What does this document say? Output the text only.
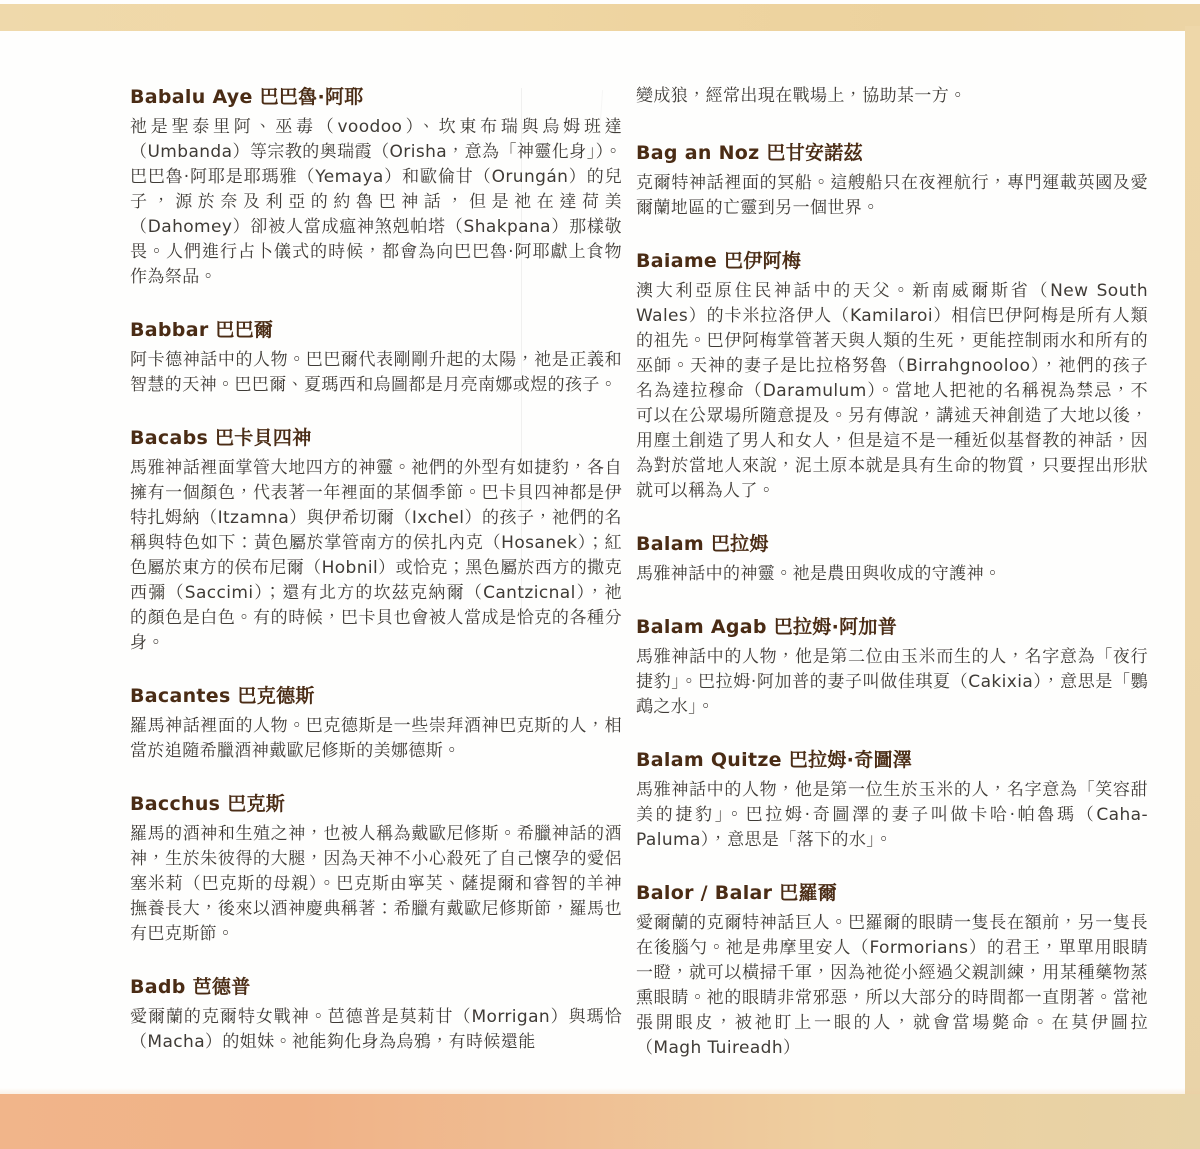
Babalu Aye 巴巴魯·阿耶

祂是聖泰里阿、巫毒（voodoo）、坎東布瑞與烏姆班達（Umbanda）等宗教的奧瑞霞（Orisha，意為「神靈化身」）。巴巴魯·阿耶是耶瑪雅（Yemaya）和歐倫甘（Orungán）的兒子，源於奈及利亞的約魯巴神話，但是祂在達荷美（Dahomey）卻被人當成瘟神煞剋帕塔（Shakpana）那樣敬畏。人們進行占卜儀式的時候，都會為向巴巴魯·阿耶獻上食物作為祭品。

Babbar 巴巴爾

阿卡德神話中的人物。巴巴爾代表剛剛升起的太陽，祂是正義和智慧的天神。巴巴爾、夏瑪西和烏圖都是月亮南娜或煜的孩子。

Bacabs 巴卡貝四神

馬雅神話裡面掌管大地四方的神靈。祂們的外型有如捷豹，各自擁有一個顏色，代表著一年裡面的某個季節。巴卡貝四神都是伊特扎姆納（Itzamna）與伊希切爾（Ixchel）的孩子，祂們的名稱與特色如下：黃色屬於掌管南方的侯扎內克（Hosanek）；紅色屬於東方的侯布尼爾（Hobnil）或恰克；黑色屬於西方的撒克西彌（Saccimi）；還有北方的坎茲克納爾（Cantzicnal），祂的顏色是白色。有的時候，巴卡貝也會被人當成是恰克的各種分身。

Bacantes 巴克德斯

羅馬神話裡面的人物。巴克德斯是一些崇拜酒神巴克斯的人，相當於追隨希臘酒神戴歐尼修斯的美娜德斯。

Bacchus 巴克斯

羅馬的酒神和生殖之神，也被人稱為戴歐尼修斯。希臘神話的酒神，生於朱彼得的大腿，因為天神不小心殺死了自己懷孕的愛侶塞米莉（巴克斯的母親）。巴克斯由寧芙、薩提爾和睿智的羊神撫養長大，後來以酒神慶典稱著：希臘有戴歐尼修斯節，羅馬也有巴克斯節。

Badb 芭德普

愛爾蘭的克爾特女戰神。芭德普是莫莉甘（Morrigan）與瑪恰（Macha）的姐妹。祂能夠化身為烏鴉，有時候還能

變成狼，經常出現在戰場上，協助某一方。

Bag an Noz 巴甘安諾茲

克爾特神話裡面的冥船。這艘船只在夜裡航行，專門運載英國及愛爾蘭地區的亡靈到另一個世界。

Baiame 巴伊阿梅

澳大利亞原住民神話中的天父。新南威爾斯省（New South Wales）的卡米拉洛伊人（Kamilaroi）相信巴伊阿梅是所有人類的祖先。巴伊阿梅掌管著天與人類的生死，更能控制雨水和所有的巫師。天神的妻子是比拉格努魯（Birrahgnooloo），祂們的孩子名為達拉穆命（Daramulum）。當地人把祂的名稱視為禁忌，不可以在公眾場所隨意提及。另有傳說，講述天神創造了大地以後，用塵土創造了男人和女人，但是這不是一種近似基督教的神話，因為對於當地人來說，泥土原本就是具有生命的物質，只要捏出形狀就可以稱為人了。

Balam 巴拉姆

馬雅神話中的神靈。祂是農田與收成的守護神。

Balam Agab 巴拉姆·阿加普

馬雅神話中的人物，他是第二位由玉米而生的人，名字意為「夜行捷豹」。巴拉姆·阿加普的妻子叫做佳琪夏（Cakixia），意思是「鸚鵡之水」。

Balam Quitze 巴拉姆·奇圖澤

馬雅神話中的人物，他是第一位生於玉米的人，名字意為「笑容甜美的捷豹」。巴拉姆·奇圖澤的妻子叫做卡哈·帕魯瑪（Caha- Paluma），意思是「落下的水」。

Balor / Balar 巴羅爾

愛爾蘭的克爾特神話巨人。巴羅爾的眼睛一隻長在額前，另一隻長在後腦勺。祂是弗摩里安人（Formorians）的君王，單單用眼睛一瞪，就可以橫掃千軍，因為祂從小經過父親訓練，用某種藥物蒸熏眼睛。祂的眼睛非常邪惡，所以大部分的時間都一直閉著。當祂張開眼皮，被祂盯上一眼的人，就會當場斃命。在莫伊圖拉（Magh Tuireadh）
